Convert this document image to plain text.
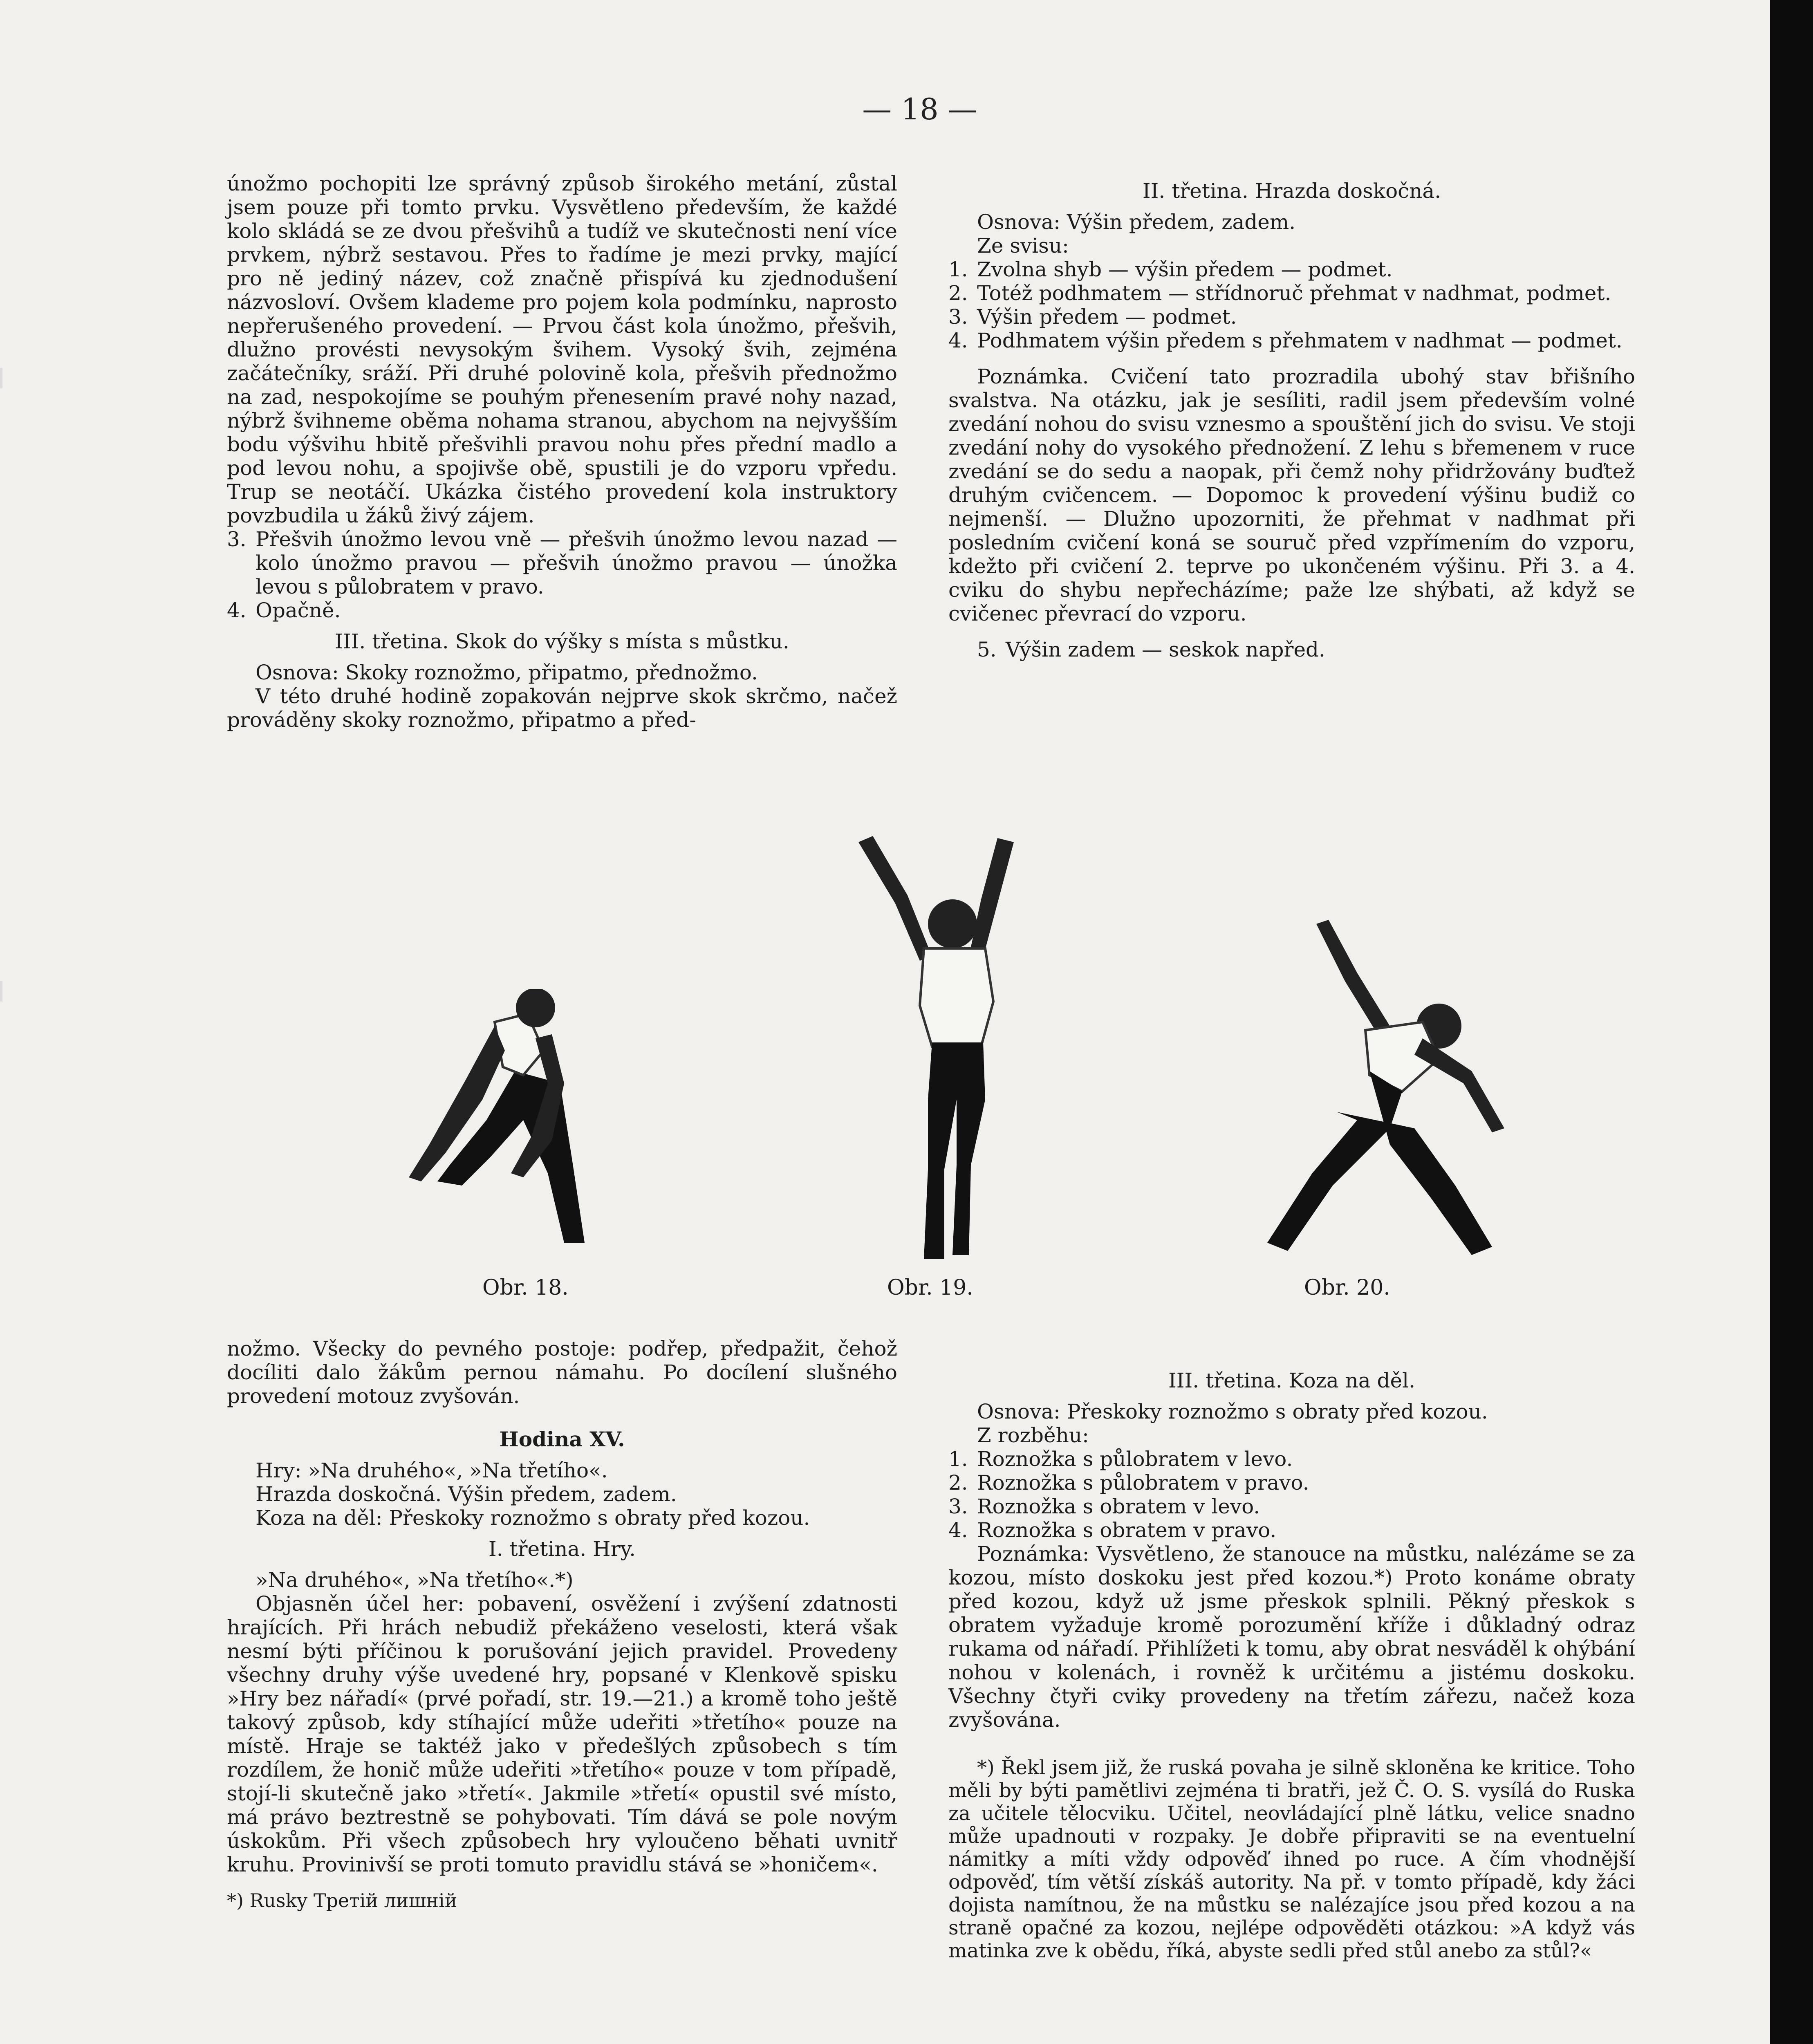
— 18 —

únožmo pochopiti lze správný způsob širokého metání, zůstal jsem pouze při tomto prvku. Vysvětleno především, že každé kolo skládá se ze dvou přešvihů a tudíž ve skutečnosti není více prvkem, nýbrž sestavou. Přes to řadíme je mezi prvky, mající pro ně jediný název, což značně přispívá ku zjednodušení názvosloví. Ovšem klademe pro pojem kola podmínku, naprosto nepřerušeného provedení. — Prvou část kola únožmo, přešvih, dlužno provésti nevysokým švihem. Vysoký švih, zejména začátečníky, sráží. Při druhé polovině kola, přešvih přednožmo na zad, nespokojíme se pouhým přenesením pravé nohy nazad, nýbrž švihneme oběma nohama stranou, abychom na nejvyšším bodu výšvihu hbitě přešvihli pravou nohu přes přední madlo a pod levou nohu, a spojivše obě, spustili je do vzporu vpředu. Trup se neotáčí. Ukázka čistého provedení kola instruktory povzbudila u žáků živý zájem.

3. Přešvih únožmo levou vně — přešvih únožmo levou nazad — kolo únožmo pravou — přešvih únožmo pravou — únožka levou s půlobratem v pravo.
4. Opačně.

III. třetina. Skok do výšky s místa s můstku.

Osnova: Skoky roznožmo, připatmo, přednožmo.

V této druhé hodině zopakován nejprve skok skrčmo, načež prováděny skoky roznožmo, připatmo a před-

II. třetina. Hrazda doskočná.

Osnova: Výšin předem, zadem.

Ze svisu:

1. Zvolna shyb — výšin předem — podmet.
2. Totéž podhmatem — střídnoruč přehmat v nadhmat, podmet.
3. Výšin předem — podmet.
4. Podhmatem výšin předem s přehmatem v nadhmat — podmet.

Poznámka. Cvičení tato prozradila ubohý stav břišního svalstva. Na otázku, jak je sesíliti, radil jsem především volné zvedání nohou do svisu vznesmo a spouštění jich do svisu. Ve stoji zvedání nohy do vysokého přednožení. Z lehu s břemenem v ruce zvedání se do sedu a naopak, při čemž nohy přidržovány buďtež druhým cvičencem. — Dopomoc k provedení výšinu budiž co nejmenší. — Dlužno upozorniti, že přehmat v nadhmat při posledním cvičení koná se souruč před vzpřímením do vzporu, kdežto při cvičení 2. teprve po ukončeném výšinu. Při 3. a 4. cviku do shybu nepřecházíme; paže lze shýbati, až když se cvičenec převrací do vzporu.

5. Výšin zadem — seskok napřed.
Obr. 18.	Obr. 19.	Obr. 20.

nožmo. Všecky do pevného postoje: podřep, předpažit, čehož docíliti dalo žákům pernou námahu. Po docílení slušného provedení motouz zvyšován.

Hodina XV.

Hry: »Na druhého«, »Na třetího«.

Hrazda doskočná. Výšin předem, zadem.

Koza na děl: Přeskoky roznožmo s obraty před kozou.

I. třetina. Hry.

»Na druhého«, »Na třetího«.*)

Objasněn účel her: pobavení, osvěžení i zvýšení zdatnosti hrajících. Při hrách nebudiž překáženo veselosti, která však nesmí býti příčinou k porušování jejich pravidel. Provedeny všechny druhy výše uvedené hry, popsané v Klenkově spisku »Hry bez nářadí« (prvé pořadí, str. 19.—21.) a kromě toho ještě takový způsob, kdy stíhající může udeřiti »třetího« pouze na místě. Hraje se taktéž jako v předešlých způsobech s tím rozdílem, že honič může udeřiti »třetího« pouze v tom případě, stojí-li skutečně jako »třetí«. Jakmile »třetí« opustil své místo, má právo beztrestně se pohybovati. Tím dává se pole novým úskokům. Při všech způsobech hry vyloučeno běhati uvnitř kruhu. Provinivší se proti tomuto pravidlu stává se »honičem«.

*) Rusky Третій лишній

III. třetina. Koza na děl.

Osnova: Přeskoky roznožmo s obraty před kozou.

Z rozběhu:

1. Roznožka s půlobratem v levo.
2. Roznožka s půlobratem v pravo.
3. Roznožka s obratem v levo.
4. Roznožka s obratem v pravo.

Poznámka: Vysvětleno, že stanouce na můstku, nalézáme se za kozou, místo doskoku jest před kozou.*) Proto konáme obraty před kozou, když už jsme přeskok splnili. Pěkný přeskok s obratem vyžaduje kromě porozumění kříže i důkladný odraz rukama od nářadí. Přihlížeti k tomu, aby obrat nesváděl k ohýbání nohou v kolenách, i rovněž k určitému a jistému doskoku. Všechny čtyři cviky provedeny na třetím zářezu, načež koza zvyšována.

*) Řekl jsem již, že ruská povaha je silně skloněna ke kritice. Toho měli by býti pamětlivi zejména ti bratři, jež Č. O. S. vysílá do Ruska za učitele tělocviku. Učitel, neovládající plně látku, velice snadno může upadnouti v rozpaky. Je dobře připraviti se na eventuelní námitky a míti vždy odpověď ihned po ruce. A čím vhodnější odpověď, tím větší získáš autority. Na př. v tomto případě, kdy žáci dojista namítnou, že na můstku se nalézajíce jsou před kozou a na straně opačné za kozou, nejlépe odpověděti otázkou: »A když vás matinka zve k obědu, říká, abyste sedli před stůl anebo za stůl?«
